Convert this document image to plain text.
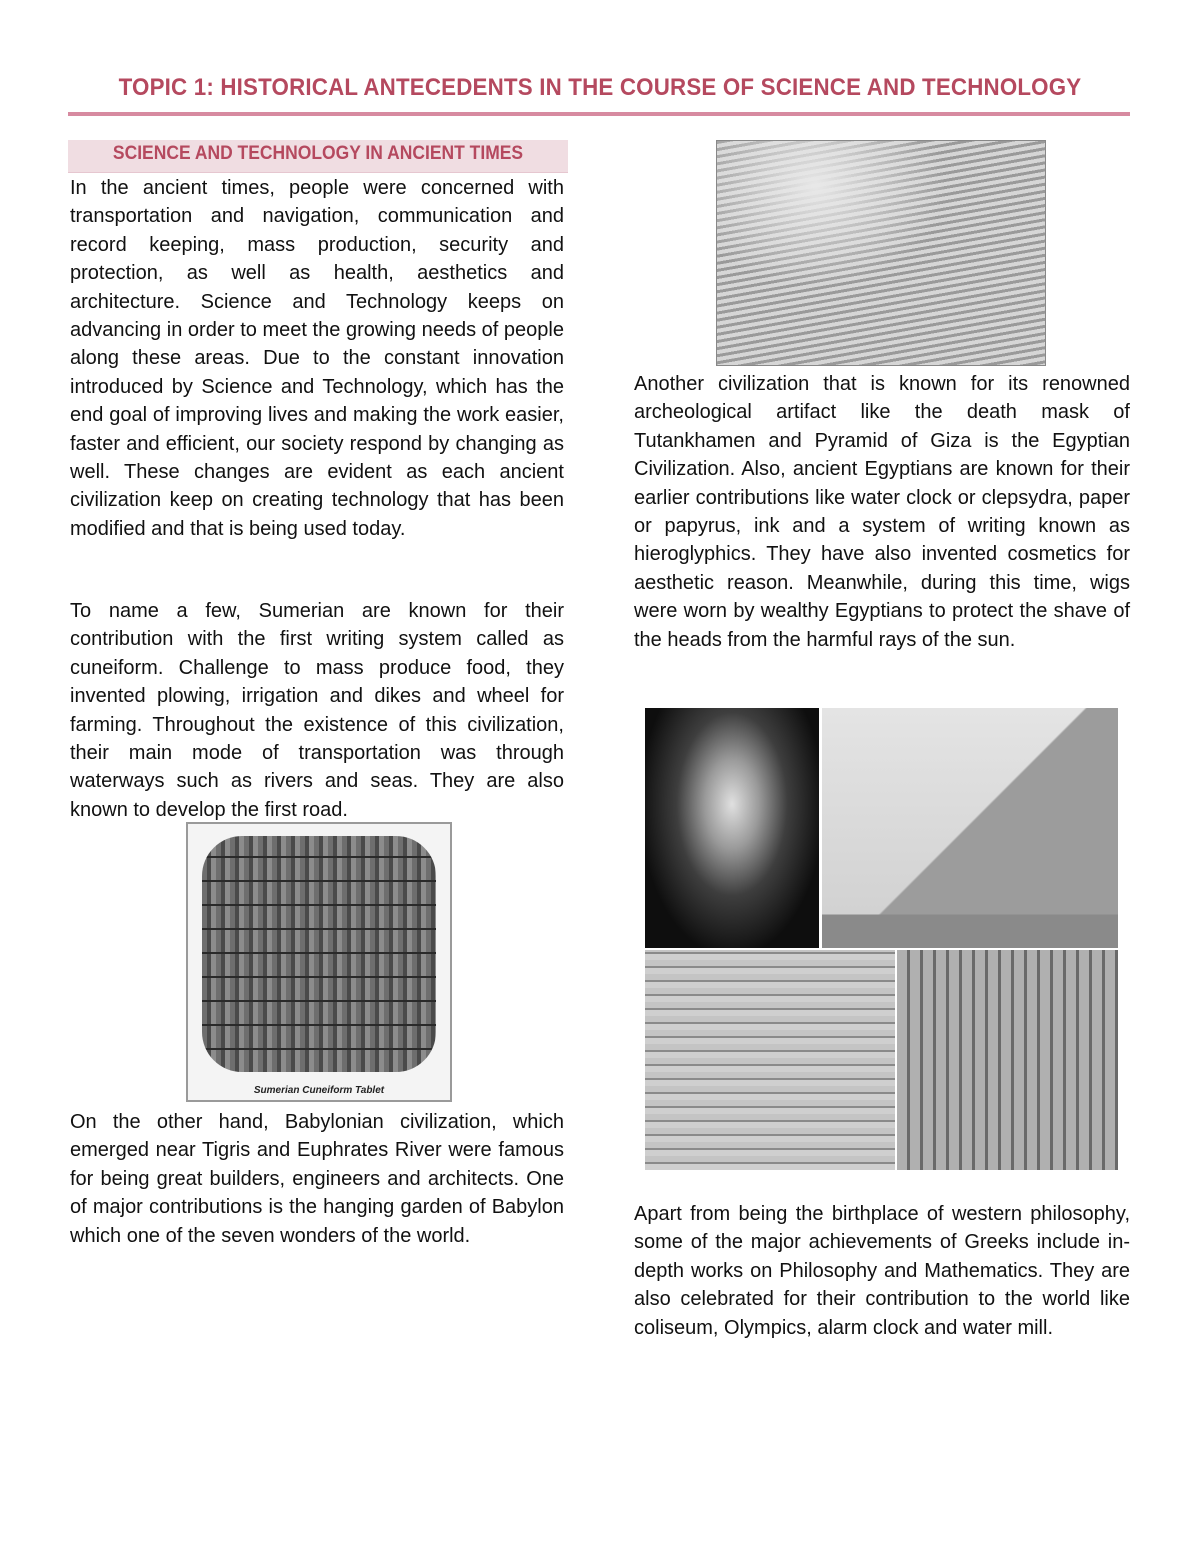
TOPIC 1: HISTORICAL ANTECEDENTS IN THE COURSE OF SCIENCE AND TECHNOLOGY
SCIENCE AND TECHNOLOGY IN ANCIENT TIMES

In the ancient times, people were concerned with transportation and navigation, communication and record keeping, mass production, security and protection, as well as health, aesthetics and architecture. Science and Technology keeps on advancing in order to meet the growing needs of people along these areas. Due to the constant innovation introduced by Science and Technology, which has the end goal of improving lives and making the work easier, faster and efficient, our society respond by changing as well. These changes are evident as each ancient civilization keep on creating technology that has been modified and that is being used today.

To name a few, Sumerian are known for their contribution with the first writing system called as cuneiform. Challenge to mass produce food, they invented plowing, irrigation and dikes and wheel for farming. Throughout the existence of this civilization, their main mode of transportation was through waterways such as rivers and seas. They are also known to develop the first road.

Sumerian Cuneiform Tablet

On the other hand, Babylonian civilization, which emerged near Tigris and Euphrates River were famous for being great builders, engineers and architects. One of major contributions is the hanging garden of Babylon which one of the seven wonders of the world.

Another civilization that is known for its renowned archeological artifact like the death mask of Tutankhamen and Pyramid of Giza is the Egyptian Civilization. Also, ancient Egyptians are known for their earlier contributions like water clock or clepsydra, paper or papyrus, ink and a system of writing known as hieroglyphics. They have also invented cosmetics for aesthetic reason. Meanwhile, during this time, wigs were worn by wealthy Egyptians to protect the shave of the heads from the harmful rays of the sun.

Apart from being the birthplace of western philosophy, some of the major achievements of Greeks include in-depth works on Philosophy and Mathematics. They are also celebrated for their contribution to the world like coliseum, Olympics, alarm clock and water mill.
